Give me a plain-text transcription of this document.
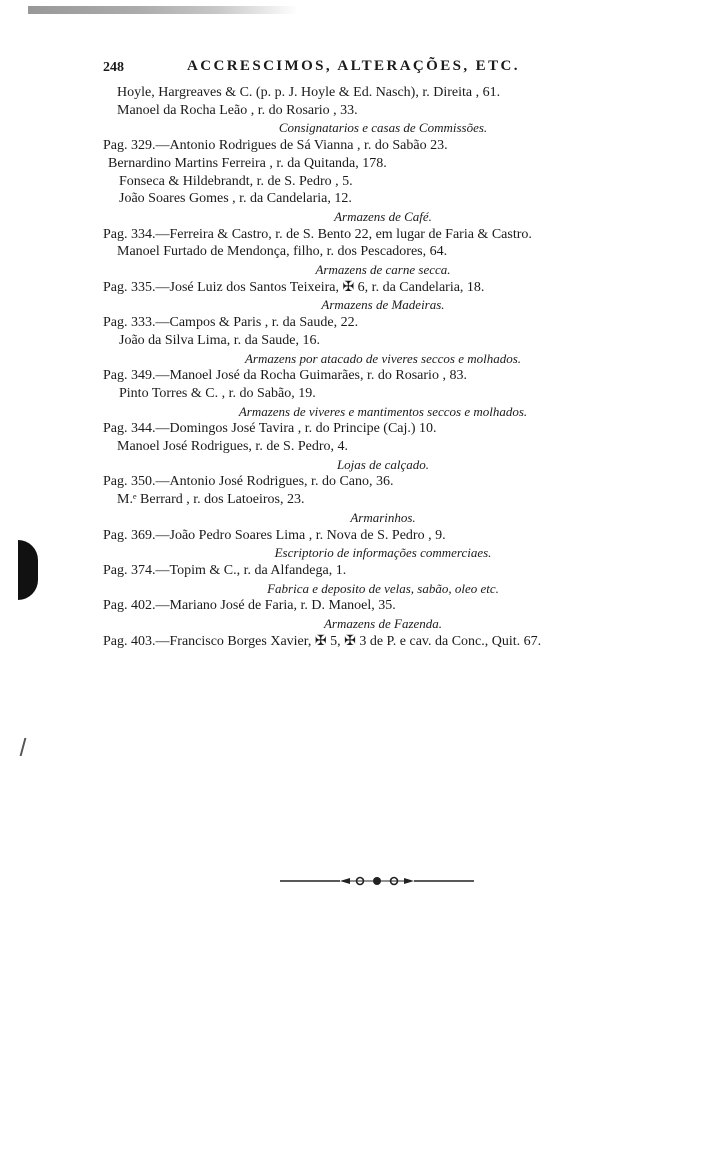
248	ACCRESCIMOS, ALTERAÇÕES, ETC.
Hoyle, Hargreaves & C. (p. p. J. Hoyle & Ed. Nasch), r. Direita , 61.
Manoel da Rocha Leão , r. do Rosario , 33.
Consignatarios e casas de Commissões.
Pag. 329.—Antonio Rodrigues de Sá Vianna , r. do Sabão 23.
Bernardino Martins Ferreira , r. da Quitanda, 178.
Fonseca & Hildebrandt, r. de S. Pedro , 5.
João Soares Gomes , r. da Candelaria, 12.
Armazens de Café.
Pag. 334.—Ferreira & Castro, r. de S. Bento 22, em lugar de Faria & Castro.
Manoel Furtado de Mendonça, filho, r. dos Pescadores, 64.
Armazens de carne secca.
Pag. 335.—José Luiz dos Santos Teixeira, ✠ 6, r. da Candelaria, 18.
Armazens de Madeiras.
Pag. 333.—Campos & Paris , r. da Saude, 22.
João da Silva Lima, r. da Saude, 16.
Armazens por atacado de viveres seccos e molhados.
Pag. 349.—Manoel José da Rocha Guimarães, r. do Rosario , 83.
Pinto Torres & C. , r. do Sabão, 19.
Armazens de viveres e mantimentos seccos e molhados.
Pag. 344.—Domingos José Tavira , r. do Principe (Caj.) 10.
Manoel José Rodrigues, r. de S. Pedro, 4.
Lojas de calçado.
Pag. 350.—Antonio José Rodrigues, r. do Cano, 36.
M.ᵉ Berrard , r. dos Latoeiros, 23.
Armarinhos.
Pag. 369.—João Pedro Soares Lima , r. Nova de S. Pedro , 9.
Escriptorio de informações commerciaes.
Pag. 374.—Topim & C., r. da Alfandega, 1.
Fabrica e deposito de velas, sabão, oleo etc.
Pag. 402.—Mariano José de Faria, r. D. Manoel, 35.
Armazens de Fazenda.
Pag. 403.—Francisco Borges Xavier, ✠ 5, ✠ 3 de P. e cav. da Conc., Quit. 67.
